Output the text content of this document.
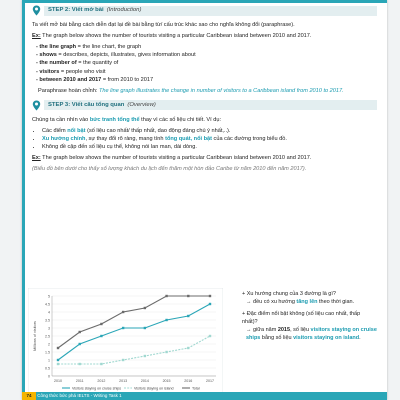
STEP 2: Viết mở bài (Introduction)

Ta viết mở bài bằng cách diễn đạt lại đề bài bằng từ/ cấu trúc khác sao cho nghĩa không đổi (paraphrase).

Ex: The graph below shows the number of tourists visiting a particular Caribbean island between 2010 and 2017.

- the line graph = the line chart, the graph
- shows = describes, depicts, illustrates, gives information about
- the number of = the quantity of
- visitors = people who visit
- between 2010 and 2017 = from 2010 to 2017

Paraphrase hoàn chỉnh: The line graph illustrates the change in number of visitors to a Caribbean island from 2010 to 2017.

STEP 3: Viết câu tổng quan (Overview)

Chúng ta cần nhìn vào bức tranh tổng thể thay vì các số liệu chi tiết. Ví dụ:

• Các điểm nổi bật (số liệu cao nhất/ thấp nhất, dao động đáng chú ý nhất,..).
• Xu hướng chính, sự thay đổi rõ ràng, mang tính tổng quát, nổi bật của các đường trong biểu đồ.
• Không đề cập đến số liệu cụ thể, không nói lan man, dài dòng.

Ex: The graph below shows the number of tourists visiting a particular Caribbean island between 2010 and 2017.

(Biểu đồ bên dưới cho thấy số lượng khách du lịch đến thăm một hòn đảo Caribe từ năm 2010 đến năm 2017).

0
0.5
1
1.5
2
2.5
3
3.5
4
4.5
5
2010	2011	2012	2013	2014	2015	2016	2017
Millions of visitors
Visitors staying on cruise ships	Visitors staying on island	Total
+ Xu hướng chung của 3 đường là gì?
→ đều có xu hướng tăng lên theo thời gian.
+ Đặc điểm nổi bật không (số liệu cao nhất, thấp nhất)?
→ giữa năm 2015, số liệu visitors staying on cruise ships bằng số liệu visitors staying on island.
74 Công thức bức phá IELTS - Writing Task 1
